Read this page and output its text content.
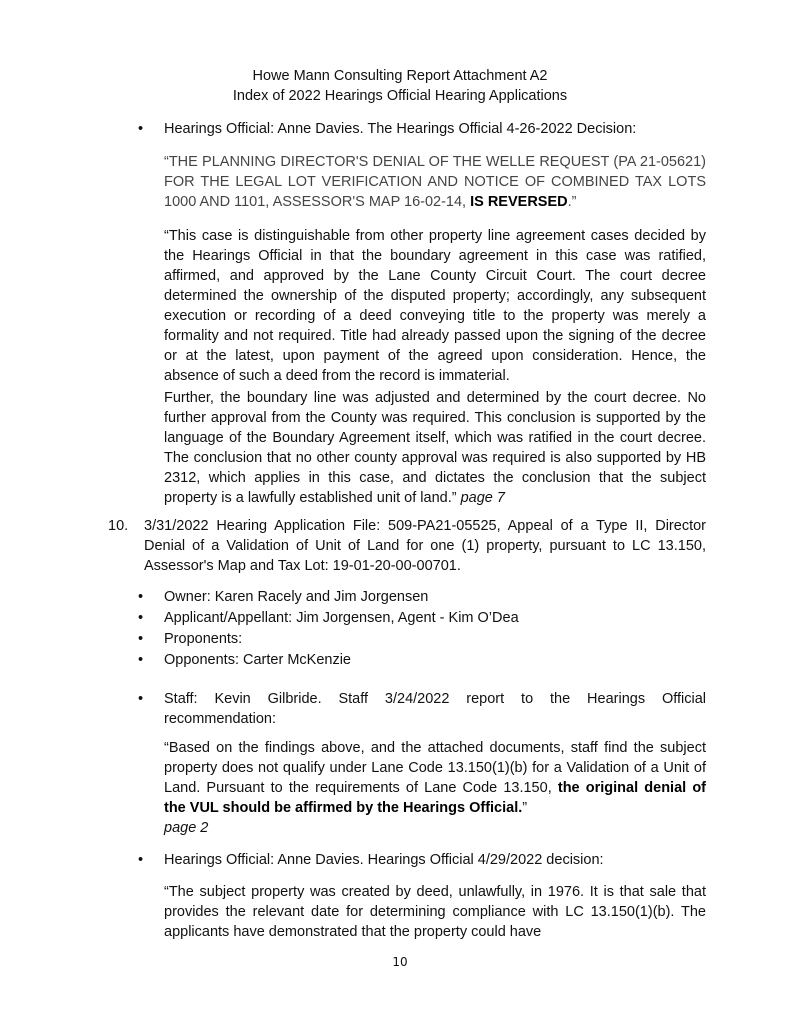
Howe Mann Consulting Report Attachment A2
Index of 2022 Hearings Official Hearing Applications
• Hearings Official: Anne Davies. The Hearings Official 4-26-2022 Decision:
“THE PLANNING DIRECTOR'S DENIAL OF THE WELLE REQUEST (PA 21-05621) FOR THE LEGAL LOT VERIFICATION AND NOTICE OF COMBINED TAX LOTS 1000 AND 1101, ASSESSOR'S MAP 16-02-14, IS REVERSED.”
“This case is distinguishable from other property line agreement cases decided by the Hearings Official in that the boundary agreement in this case was ratified, affirmed, and approved by the Lane County Circuit Court. The court decree determined the ownership of the disputed property; accordingly, any subsequent execution or recording of a deed conveying title to the property was merely a formality and not required. Title had already passed upon the signing of the decree or at the latest, upon payment of the agreed upon consideration. Hence, the absence of such a deed from the record is immaterial.
Further, the boundary line was adjusted and determined by the court decree. No further approval from the County was required. This conclusion is supported by the language of the Boundary Agreement itself, which was ratified in the court decree. The conclusion that no other county approval was required is also supported by HB 2312, which applies in this case, and dictates the conclusion that the subject property is a lawfully established unit of land.” page 7
10. 3/31/2022 Hearing Application File: 509-PA21-05525, Appeal of a Type II, Director Denial of a Validation of Unit of Land for one (1) property, pursuant to LC 13.150, Assessor's Map and Tax Lot: 19-01-20-00-00701.
• Owner: Karen Racely and Jim Jorgensen
• Applicant/Appellant: Jim Jorgensen, Agent - Kim O’Dea
• Proponents:
• Opponents: Carter McKenzie
• Staff: Kevin Gilbride. Staff 3/24/2022 report to the Hearings Official recommendation:
“Based on the findings above, and the attached documents, staff find the subject property does not qualify under Lane Code 13.150(1)(b) for a Validation of a Unit of Land. Pursuant to the requirements of Lane Code 13.150, the original denial of the VUL should be affirmed by the Hearings Official.”
page 2
• Hearings Official: Anne Davies. Hearings Official 4/29/2022 decision:
“The subject property was created by deed, unlawfully, in 1976. It is that sale that provides the relevant date for determining compliance with LC 13.150(1)(b). The applicants have demonstrated that the property could have
10
